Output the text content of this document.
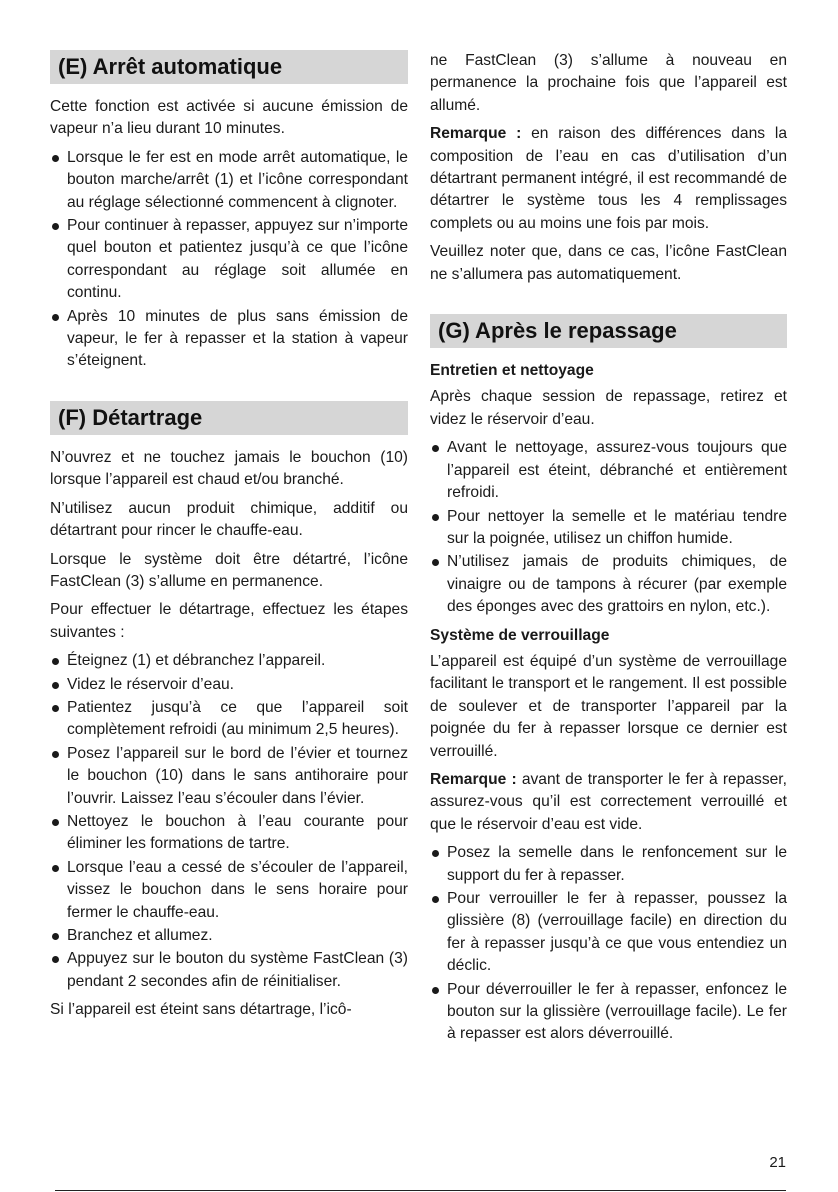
(E) Arrêt automatique

Cette fonction est activée si aucune émission de vapeur n’a lieu durant 10 minutes.

Lorsque le fer est en mode arrêt automatique, le bouton marche/arrêt (1) et l’icône correspondant au réglage sélectionné commencent à clignoter.
Pour continuer à repasser, appuyez sur n’importe quel bouton et patientez jusqu’à ce que l’icône correspondant au réglage soit allumée en continu.
Après 10 minutes de plus sans émission de vapeur, le fer à repasser et la station à vapeur s’éteignent.
(F) Détartrage

N’ouvrez et ne touchez jamais le bouchon (10) lorsque l’appareil est chaud et/ou branché.

N’utilisez aucun produit chimique, additif ou détartrant pour rincer le chauffe-eau.

Lorsque le système doit être détartré, l’icône FastClean (3) s’allume en permanence.

Pour effectuer le détartrage, effectuez les étapes suivantes :

Éteignez (1) et débranchez l’appareil.
Videz le réservoir d’eau.
Patientez jusqu’à ce que l’appareil soit complètement refroidi (au minimum 2,5 heures).
Posez l’appareil sur le bord de l’évier et tournez le bouchon (10) dans le sans antihoraire pour l’ouvrir. Laissez l’eau s’écouler dans l’évier.
Nettoyez le bouchon à l’eau courante pour éliminer les formations de tartre.
Lorsque l’eau a cessé de s’écouler de l’appareil, vissez le bouchon dans le sens horaire pour fermer le chauffe-eau.
Branchez et allumez.
Appuyez sur le bouton du système FastClean (3) pendant 2 secondes afin de réinitialiser.

Si l’appareil est éteint sans détartrage, l’icô-

ne FastClean (3) s’allume à nouveau en permanence la prochaine fois que l’appareil est allumé.

Remarque : en raison des différences dans la composition de l’eau en cas d’utilisation d’un détartrant permanent intégré, il est recommandé de détartrer le système tous les 4 remplissages complets ou au moins une fois par mois.

Veuillez noter que, dans ce cas, l’icône FastClean ne s’allumera pas automatiquement.

(G) Après le repassage
Entretien et nettoyage

Après chaque session de repassage, retirez et videz le réservoir d’eau.

Avant le nettoyage, assurez-vous toujours que l’appareil est éteint, débranché et entièrement refroidi.
Pour nettoyer la semelle et le matériau tendre sur la poignée, utilisez un chiffon humide.
N’utilisez jamais de produits chimiques, de vinaigre ou de tampons à récurer (par exemple des éponges avec des grattoirs en nylon, etc.).
Système de verrouillage

L’appareil est équipé d’un système de verrouillage facilitant le transport et le rangement. Il est possible de soulever et de transporter l’appareil par la poignée du fer à repasser lorsque ce dernier est verrouillé.

Remarque : avant de transporter le fer à repasser, assurez-vous qu’il est correctement verrouillé et que le réservoir d’eau est vide.

Posez la semelle dans le renfoncement sur le support du fer à repasser.
Pour verrouiller le fer à repasser, poussez la glissière (8) (verrouillage facile) en direction du fer à repasser jusqu’à ce que vous entendiez un déclic.
Pour déverrouiller le fer à repasser, enfoncez le bouton sur la glissière (verrouillage facile). Le fer à repasser est alors déverrouillé.
21
